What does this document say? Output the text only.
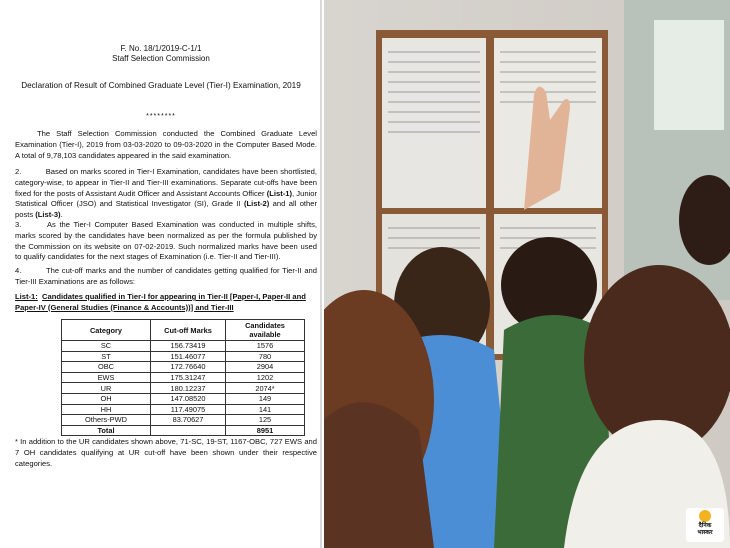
F. No. 18/1/2019-C-1/1
Staff Selection Commission
Declaration of Result of Combined Graduate Level (Tier-I) Examination, 2019
********
The Staff Selection Commission conducted the Combined Graduate Level Examination (Tier-I), 2019 from 03-03-2020 to 09-03-2020 in the Computer Based Mode. A total of 9,78,103 candidates appeared in the said examination.
2.	Based on marks scored in Tier-I Examination, candidates have been shortlisted, category-wise, to appear in Tier-II and Tier-III examinations. Separate cut-offs have been fixed for the posts of Assistant Audit Officer and Assistant Accounts Officer (List-1), Junior Statistical Officer (JSO) and Statistical Investigator (SI), Grade II (List-2) and all other posts (List-3).
3.	As the Tier-I Computer Based Examination was conducted in multiple shifts, marks scored by the candidates have been normalized as per the formula published by the Commission on its website on 07-02-2019. Such normalized marks have been used to qualify candidates for the next stages of Examination (i.e. Tier-II and Tier-III).
4.	The cut-off marks and the number of candidates getting qualified for Tier-II and Tier-III Examinations are as follows:
List-1: Candidates qualified in Tier-I for appearing in Tier-II [Paper-I, Paper-II and Paper-IV (General Studies (Finance & Accounts))] and Tier-III
Category	Cut-off Marks	Candidates available
SC	156.73419	1576
ST	151.46077	780
OBC	172.76640	2904
EWS	175.31247	1202
UR	180.12237	2074*
OH	147.08520	149
HH	117.49075	141
Others-PWD	83.70627	125
Total		8951
* In addition to the UR candidates shown above, 71-SC, 19-ST, 1167-OBC, 727 EWS and 7 OH candidates qualifying at UR cut-off have been shown under their respective categories.
दैनिक
भास्कर
